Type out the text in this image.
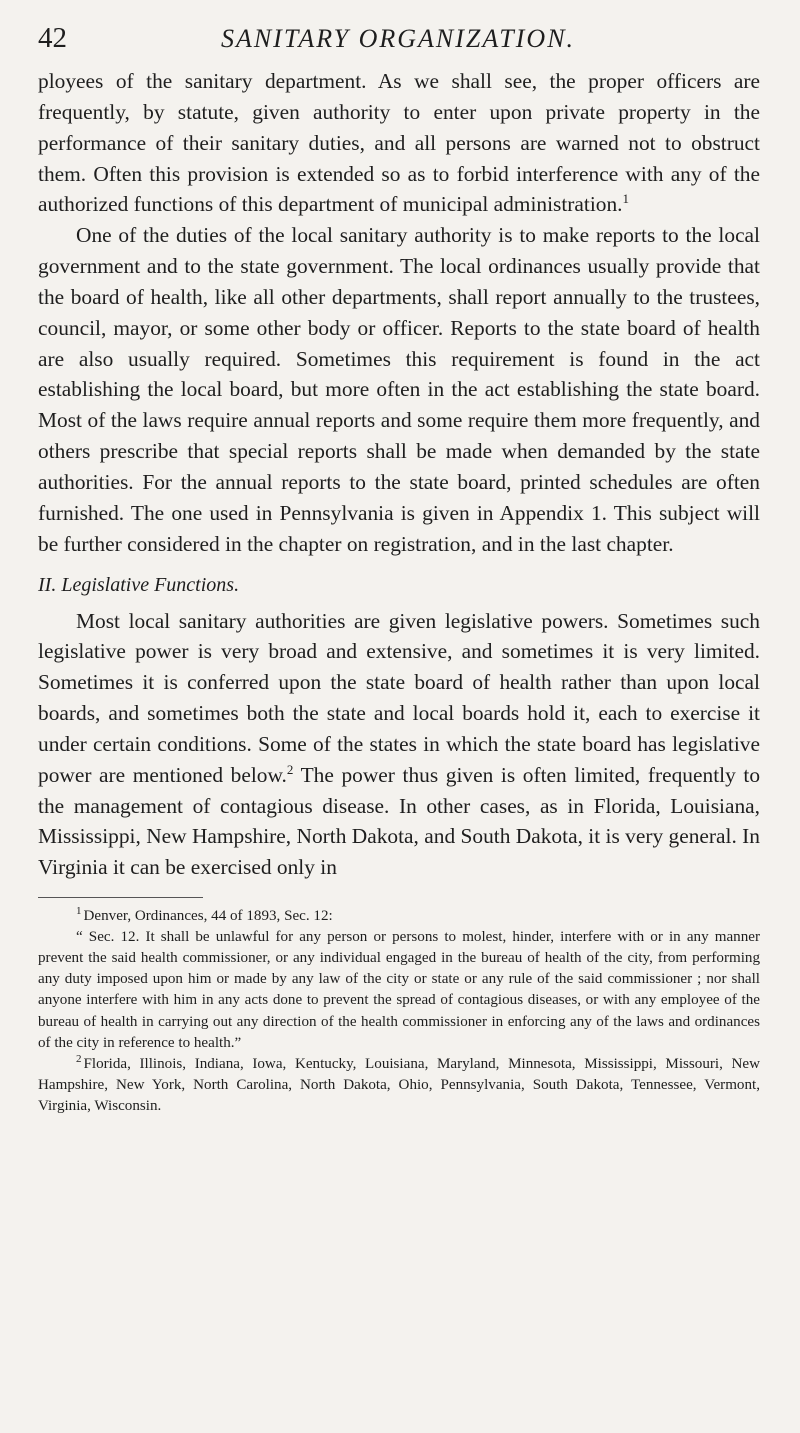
42	SANITARY ORGANIZATION.

ployees of the sanitary department. As we shall see, the proper officers are frequently, by statute, given authority to enter upon private property in the performance of their sanitary duties, and all persons are warned not to obstruct them. Often this provision is extended so as to forbid interference with any of the authorized functions of this department of municipal administration.$^1$

One of the duties of the local sanitary authority is to make reports to the local government and to the state government. The local ordinances usually provide that the board of health, like all other departments, shall report annually to the trustees, council, mayor, or some other body or officer. Reports to the state board of health are also usually required. Sometimes this requirement is found in the act establishing the local board, but more often in the act establishing the state board. Most of the laws require annual reports and some require them more frequently, and others prescribe that special reports shall be made when demanded by the state authorities. For the annual reports to the state board, printed schedules are often furnished. The one used in Pennsylvania is given in Appendix 1. This subject will be further considered in the chapter on registration, and in the last chapter.

II. Legislative Functions.

Most local sanitary authorities are given legislative powers. Sometimes such legislative power is very broad and extensive, and sometimes it is very limited. Sometimes it is conferred upon the state board of health rather than upon local boards, and sometimes both the state and local boards hold it, each to exercise it under certain conditions. Some of the states in which the state board has legislative power are mentioned below.$^2$ The power thus given is often limited, frequently to the management of contagious disease. In other cases, as in Florida, Louisiana, Mississippi, New Hampshire, North Dakota, and South Dakota, it is very general. In Virginia it can be exercised only in

$^1$ Denver, Ordinances, 44 of 1893, Sec. 12:

“ Sec. 12. It shall be unlawful for any person or persons to molest, hinder, interfere with or in any manner prevent the said health commissioner, or any individual engaged in the bureau of health of the city, from performing any duty imposed upon him or made by any law of the city or state or any rule of the said commissioner ; nor shall anyone interfere with him in any acts done to prevent the spread of contagious diseases, or with any employee of the bureau of health in carrying out any direction of the health commissioner in enforcing any of the laws and ordinances of the city in reference to health.”

$^2$ Florida, Illinois, Indiana, Iowa, Kentucky, Louisiana, Maryland, Minnesota, Mississippi, Missouri, New Hampshire, New York, North Carolina, North Dakota, Ohio, Pennsylvania, South Dakota, Tennessee, Vermont, Virginia, Wisconsin.
